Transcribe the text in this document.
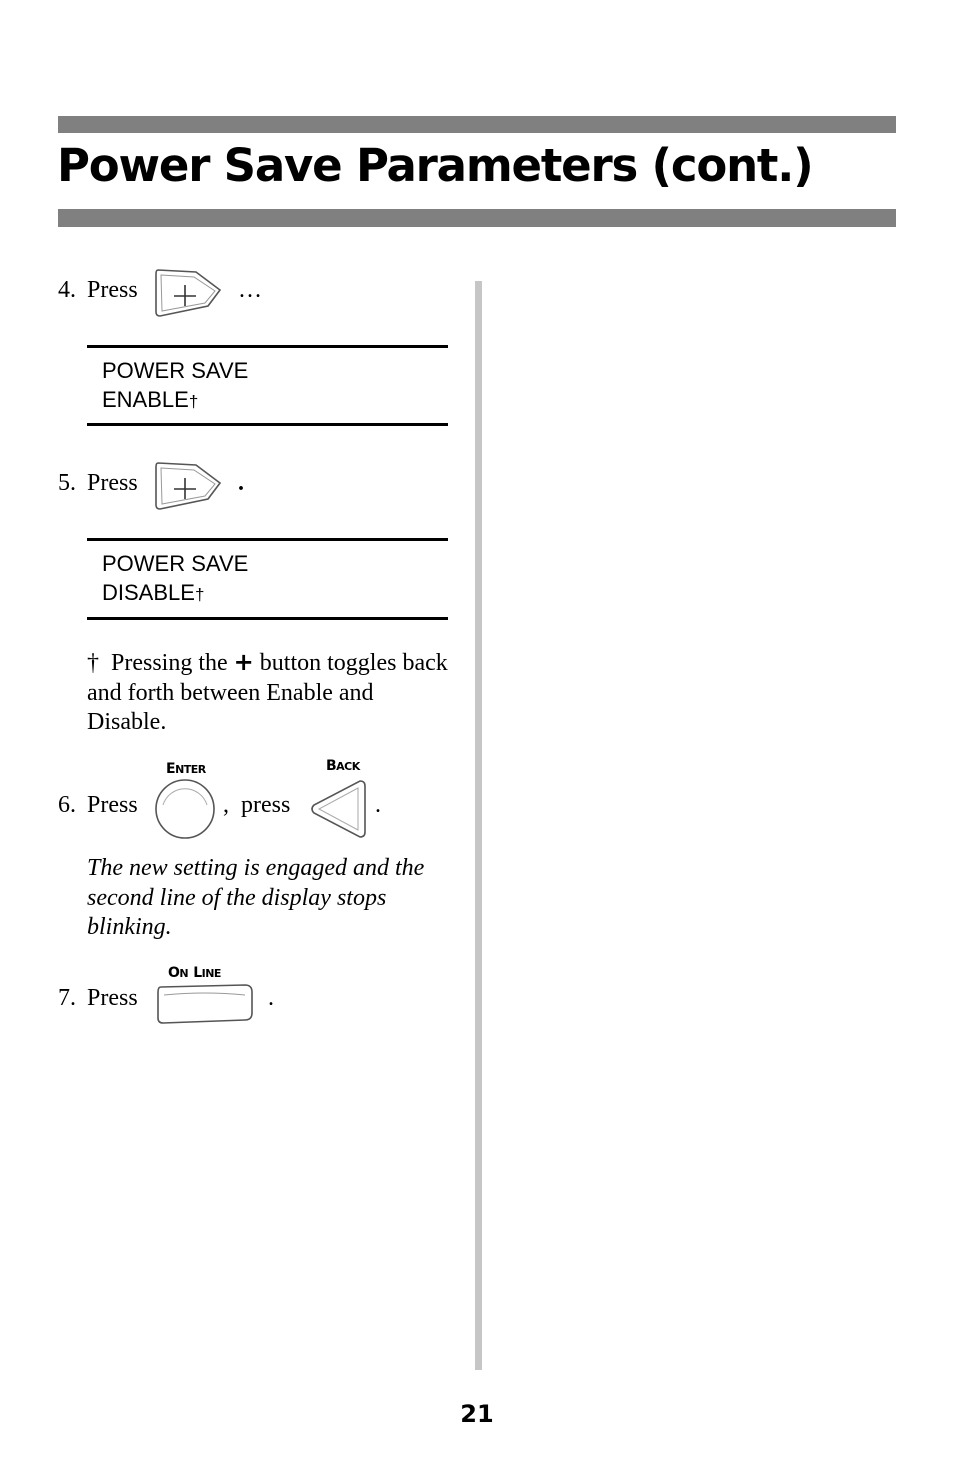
Power Save Parameters (cont.)
4. Press	…
POWER SAVE
ENABLE†
5. Press	.
POWER SAVE
DISABLE†
† Pressing the + button toggles back and forth between Enable and Disable.
ENTER	BACK
6. Press	,  press	.
The new setting is engaged and the second line of the display stops blinking.
ON LINE
7. Press	.
21
